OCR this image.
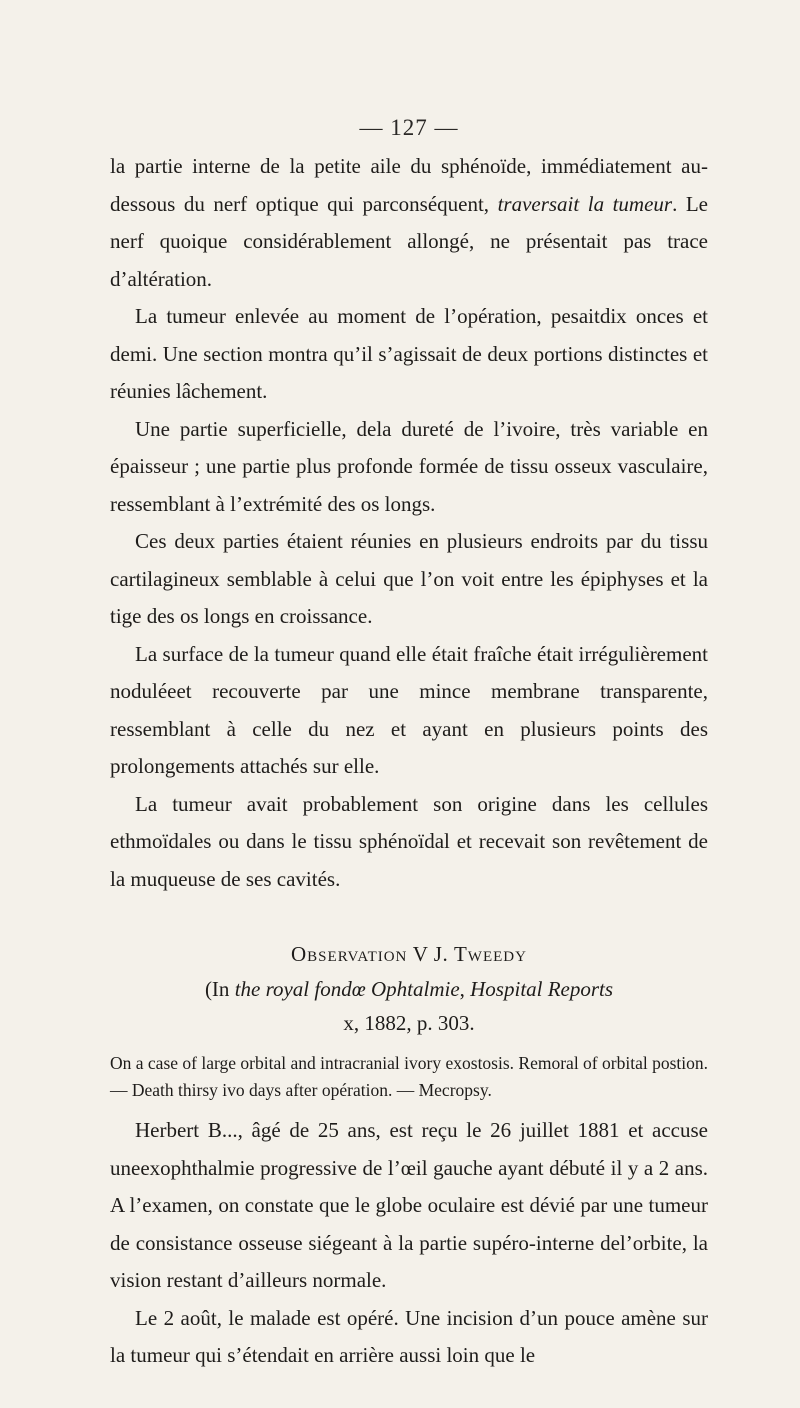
— 127 —

la partie interne de la petite aile du sphénoïde, immédiatement au-dessous du nerf optique qui parconséquent, traversait la tumeur. Le nerf quoique considérablement allongé, ne présentait pas trace d’altération.

La tumeur enlevée au moment de l’opération, pesaitdix onces et demi. Une section montra qu’il s’agissait de deux portions distinctes et réunies lâchement.

Une partie superficielle, dela dureté de l’ivoire, très variable en épaisseur ; une partie plus profonde formée de tissu osseux vasculaire, ressemblant à l’extrémité des os longs.

Ces deux parties étaient réunies en plusieurs endroits par du tissu cartilagineux semblable à celui que l’on voit entre les épiphyses et la tige des os longs en croissance.

La surface de la tumeur quand elle était fraîche était irrégulièrement noduléeet recouverte par une mince membrane transparente, ressemblant à celle du nez et ayant en plusieurs points des prolongements attachés sur elle.

La tumeur avait probablement son origine dans les cellules ethmoïdales ou dans le tissu sphénoïdal et recevait son revêtement de la muqueuse de ses cavités.

Observation V J. Tweedy
(In the royal fondœ Ophtalmie, Hospital Reports
x, 1882, p. 303.

On a case of large orbital and intracranial ivory exostosis. Remoral of orbital postion. — Death thirsy ivo days after opération. — Mecropsy.

Herbert B..., âgé de 25 ans, est reçu le 26 juillet 1881 et accuse uneexophthalmie progressive de l’œil gauche ayant débuté il y a 2 ans. A l’examen, on constate que le globe oculaire est dévié par une tumeur de consistance osseuse siégeant à la partie supéro-interne del’orbite, la vision restant d’ailleurs normale.

Le 2 août, le malade est opéré. Une incision d’un pouce amène sur la tumeur qui s’étendait en arrière aussi loin que le
